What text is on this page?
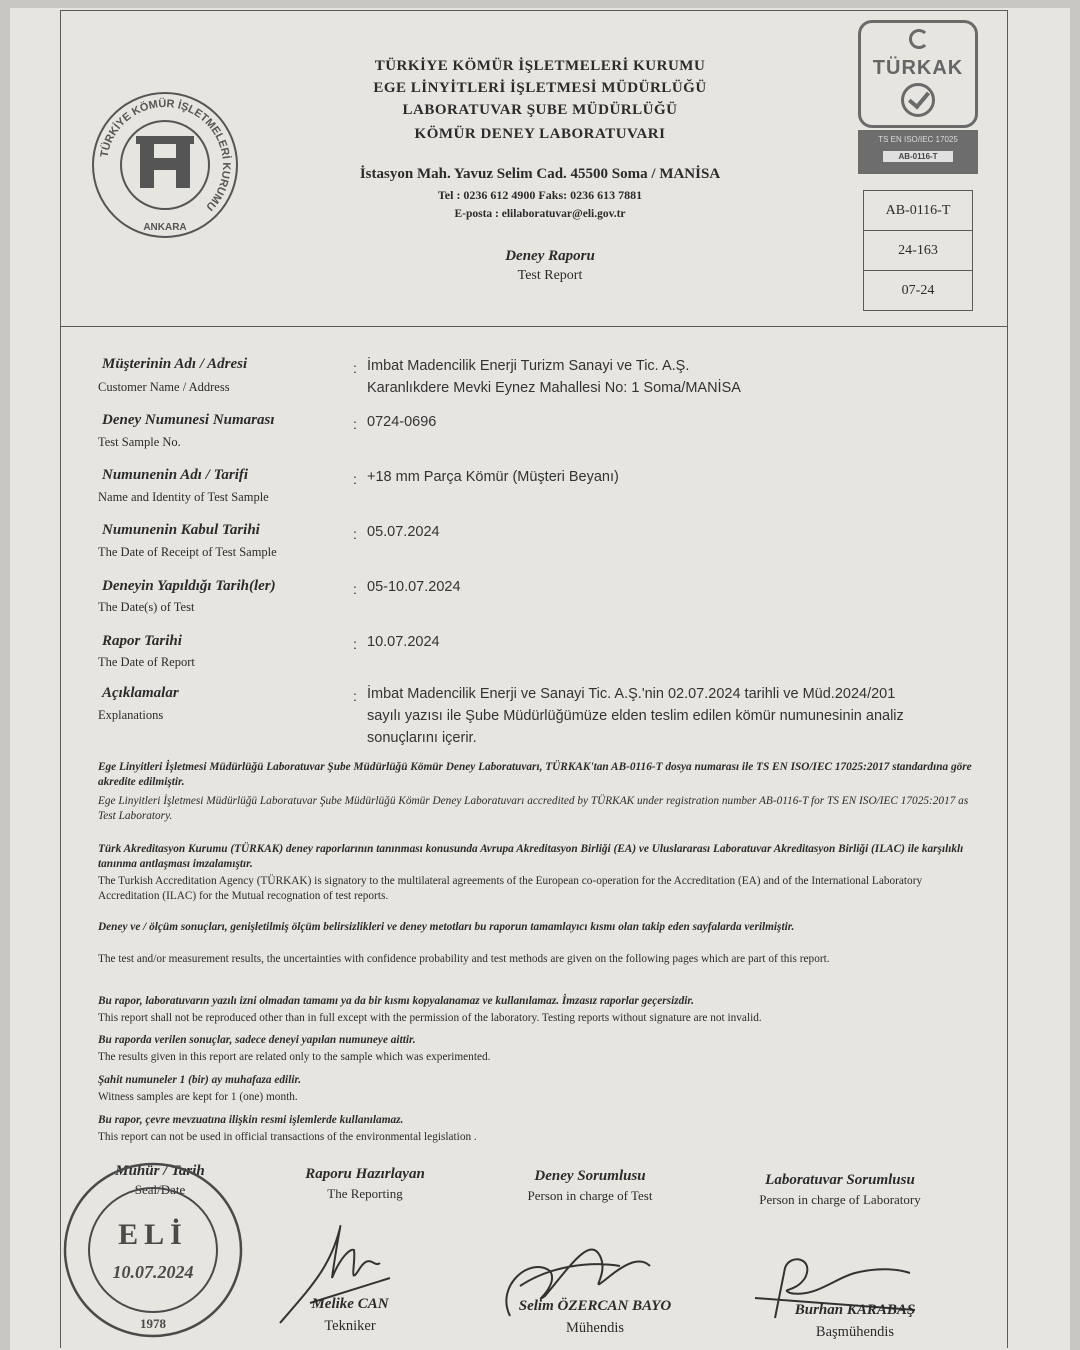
TÜRKİYE KÖMÜR İŞLETMELERİ KURUMU
ANKARA
TÜRKİYE KÖMÜR İŞLETMELERİ KURUMU
EGE LİNYİTLERİ İŞLETMESİ MÜDÜRLÜĞÜ
LABORATUVAR ŞUBE MÜDÜRLÜĞÜ
KÖMÜR DENEY LABORATUVARI
İstasyon Mah. Yavuz Selim Cad. 45500 Soma / MANİSA
Tel : 0236 612 4900 Faks: 0236 613 7881
E-posta : elilaboratuvar@eli.gov.tr
Deney Raporu
Test Report
TÜRKAK
TS EN ISO/IEC 17025
AB-0116-T
AB-0116-T
24-163
07-24
Müşterinin Adı / Adresi
Customer Name / Address
: İmbat Madencilik Enerji Turizm Sanayi ve Tic. A.Ş.
Karanlıkdere Mevki Eynez Mahallesi No: 1 Soma/MANİSA
Deney Numunesi Numarası
Test Sample No.
: 0724-0696
Numunenin Adı / Tarifi
Name and Identity of Test Sample
: +18 mm Parça Kömür (Müşteri Beyanı)
Numunenin Kabul Tarihi
The Date of Receipt of Test Sample
: 05.07.2024
Deneyin Yapıldığı Tarih(ler)
The Date(s) of Test
: 05-10.07.2024
Rapor Tarihi
The Date of Report
: 10.07.2024
Açıklamalar
Explanations
: İmbat Madencilik Enerji ve Sanayi Tic. A.Ş.'nin 02.07.2024 tarihli ve Müd.2024/201
sayılı yazısı ile Şube Müdürlüğümüze elden teslim edilen kömür numunesinin analiz
sonuçlarını içerir.
Ege Linyitleri İşletmesi Müdürlüğü Laboratuvar Şube Müdürlüğü Kömür Deney Laboratuvarı, TÜRKAK'tan AB-0116-T dosya numarası ile TS EN ISO/IEC 17025:2017 standardına göre akredite edilmiştir.
Ege Linyitleri İşletmesi Müdürlüğü Laboratuvar Şube Müdürlüğü Kömür Deney Laboratuvarı accredited by TÜRKAK under registration number AB-0116-T for TS EN ISO/IEC 17025:2017 as Test Laboratory.
Türk Akreditasyon Kurumu (TÜRKAK) deney raporlarının tanınması konusunda Avrupa Akreditasyon Birliği (EA) ve Uluslararası Laboratuvar Akreditasyon Birliği (ILAC) ile karşılıklı tanınma antlaşması imzalamıştır.
The Turkish Accreditation Agency (TÜRKAK) is signatory to the multilateral agreements of the European co-operation for the Accreditation (EA) and of the International Laboratory Accreditation (ILAC) for the Mutual recognation of test reports.
Deney ve / ölçüm sonuçları, genişletilmiş ölçüm belirsizlikleri ve deney metotları bu raporun tamamlayıcı kısmı olan takip eden sayfalarda verilmiştir.
The test and/or measurement results, the uncertainties with confidence probability and test methods are given on the following pages which are part of this report.
Bu rapor, laboratuvarın yazılı izni olmadan tamamı ya da bir kısmı kopyalanamaz ve kullanılamaz. İmzasız raporlar geçersizdir.
This report shall not be reproduced other than in full except with the permission of the laboratory. Testing reports without signature are not invalid.
Bu raporda verilen sonuçlar, sadece deneyi yapılan numuneye aittir.
The results given in this report are related only to the sample which was experimented.
Şahit numuneler 1 (bir) ay muhafaza edilir.
Witness samples are kept for 1 (one) month.
Bu rapor, çevre mevzuatına ilişkin resmi işlemlerde kullanılamaz.
This report can not be used in official transactions of the environmental legislation .
Mühür / Tarih
Seal/Date
Raporu Hazırlayan
The Reporting
Deney Sorumlusu
Person in charge of Test
Laboratuvar Sorumlusu
Person in charge of Laboratory
ELİ
10.07.2024
1978
Melike CAN
Tekniker
Selim ÖZERCAN BAYO
Mühendis
Burhan KARABAŞ
Başmühendis
